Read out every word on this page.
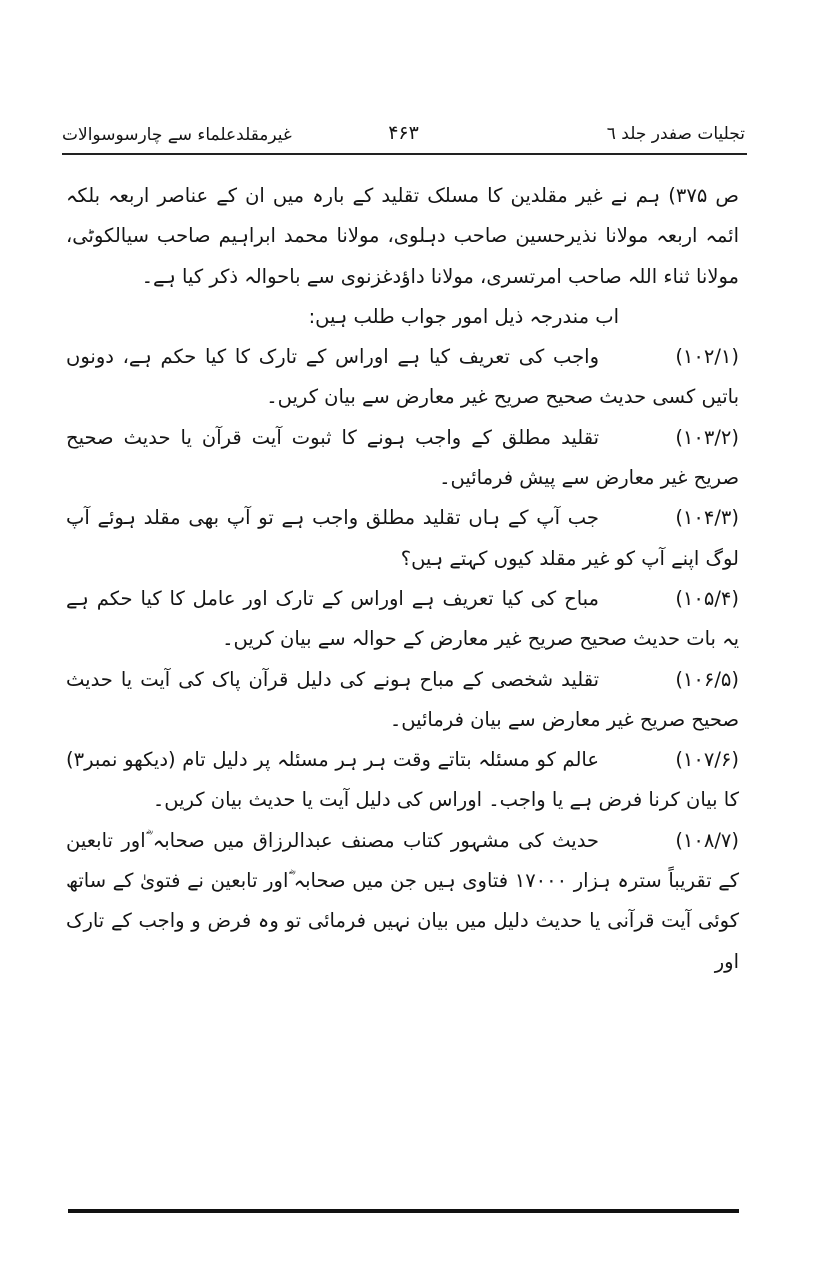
تجلیات صفدر جلد ٦
۴۶۳
غیرمقلدعلماء سے چارسوسوالات

ص ۳۷۵) ہم نے غیر مقلدین کا مسلک تقلید کے بارہ میں ان کے عناصر اربعہ بلکہ ائمہ اربعہ مولانا نذیرحسین صاحب دہلوی، مولانا محمد ابراہیم صاحب سیالکوٹی، مولانا ثناء اللہ صاحب امرتسری، مولانا داؤدغزنوی سے باحوالہ ذکر کیا ہے۔

اب مندرجہ ذیل امور جواب طلب ہیں:

(۱۰۲/۱)واجب کی تعریف کیا ہے اوراس کے تارک کا کیا حکم ہے، دونوں باتیں کسی حدیث صحیح صریح غیر معارض سے بیان کریں۔

(۱۰۳/۲)تقلید مطلق کے واجب ہونے کا ثبوت آیت قرآن یا حدیث صحیح صریح غیر معارض سے پیش فرمائیں۔

(۱۰۴/۳)جب آپ کے ہاں تقلید مطلق واجب ہے تو آپ بھی مقلد ہوئے آپ لوگ اپنے آپ کو غیر مقلد کیوں کہتے ہیں؟

(۱۰۵/۴)مباح کی کیا تعریف ہے اوراس کے تارک اور عامل کا کیا حکم ہے یہ بات حدیث صحیح صریح غیر معارض کے حوالہ سے بیان کریں۔

(۱۰۶/۵)تقلید شخصی کے مباح ہونے کی دلیل قرآن پاک کی آیت یا حدیث صحیح صریح غیر معارض سے بیان فرمائیں۔

(۱۰۷/۶)عالم کو مسئلہ بتاتے وقت ہر ہر مسئلہ پر دلیل تام (دیکھو نمبر۳) کا بیان کرنا فرض ہے یا واجب۔ اوراس کی دلیل آیت یا حدیث بیان کریں۔

(۱۰۸/۷)حدیث کی مشہور کتاب مصنف عبدالرزاق میں صحابہ ؓاور تابعین کے تقریباً سترہ ہزار ۱۷۰۰۰ فتاوی ہیں جن میں صحابہ ؓاور تابعین نے فتویٰ کے ساتھ کوئی آیت قرآنی یا حدیث دلیل میں بیان نہیں فرمائی تو وہ فرض و واجب کے تارک اور
